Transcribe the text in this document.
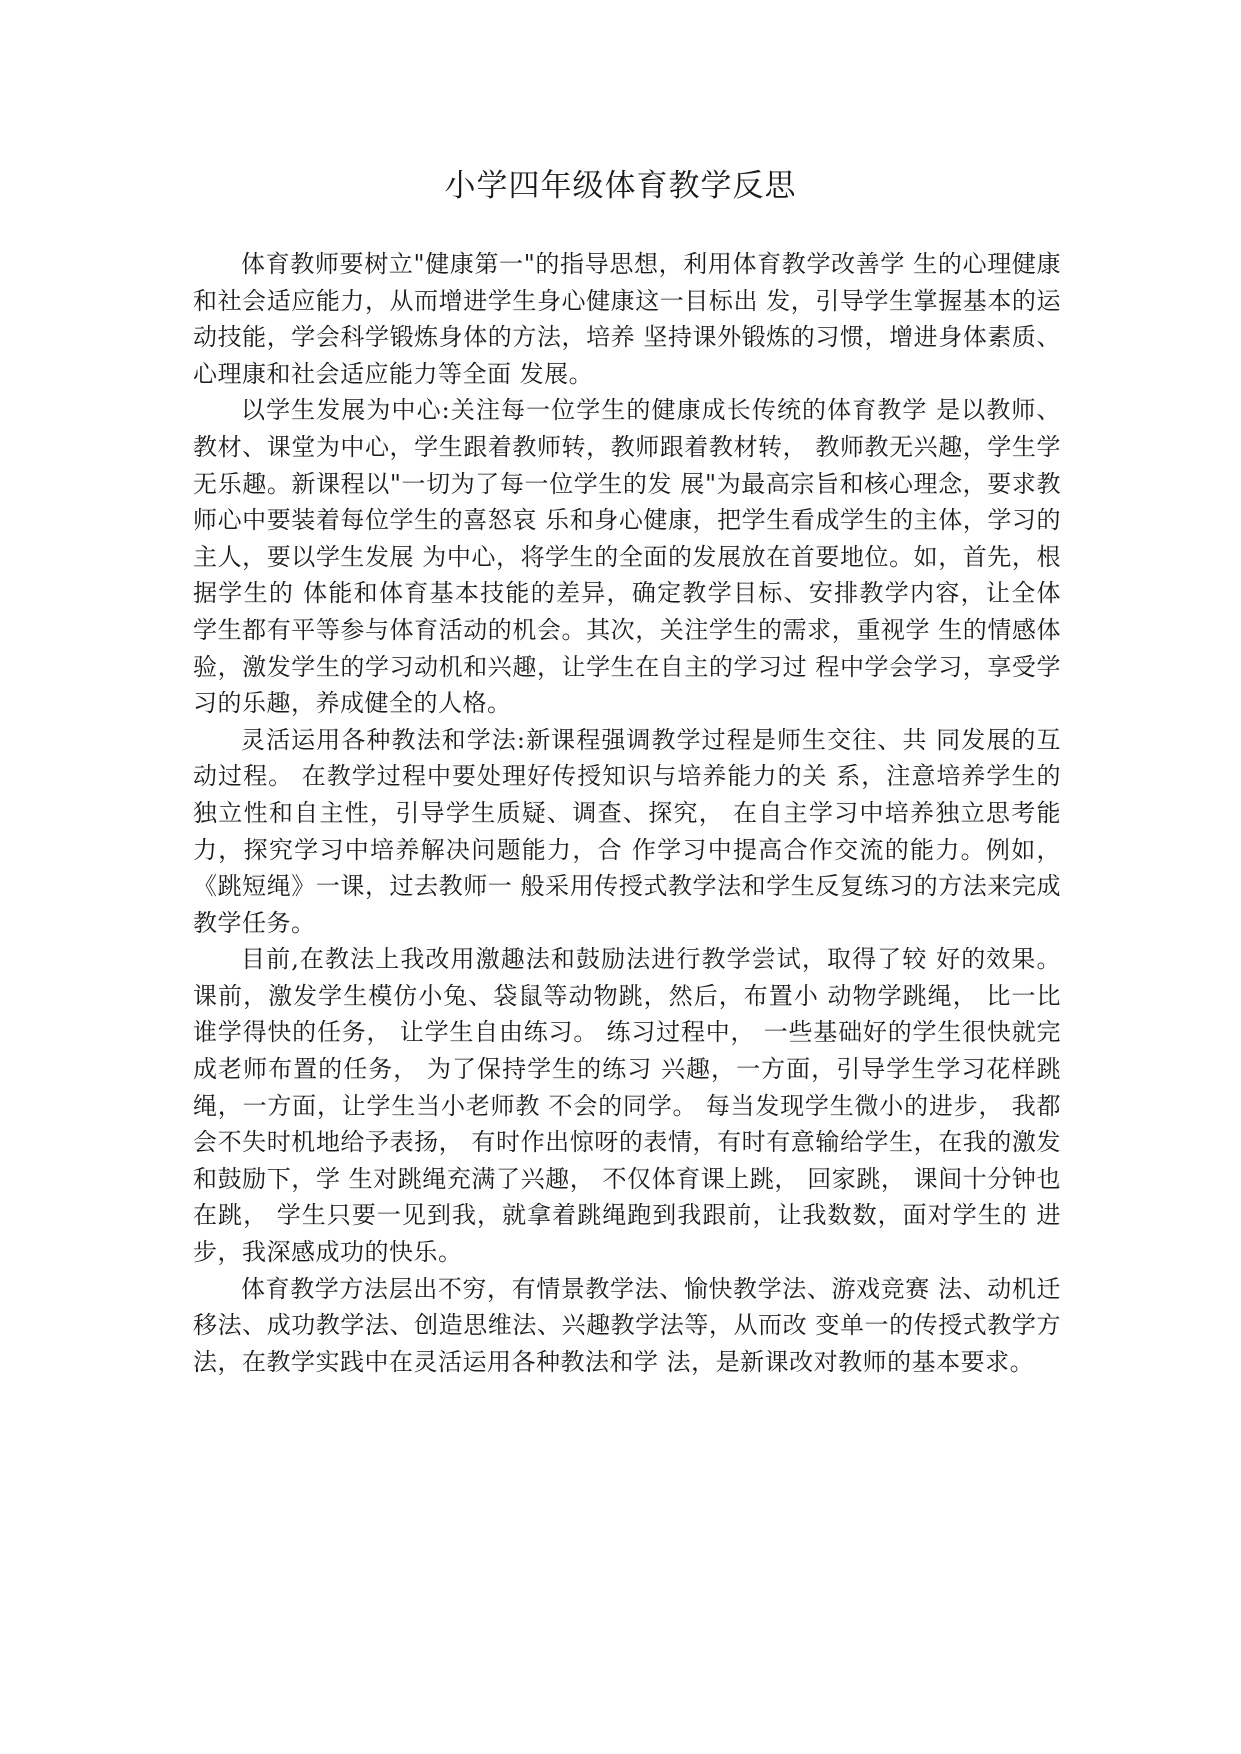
小学四年级体育教学反思

体育教师要树立"健康第一"的指导思想，利用体育教学改善学 生的心理健康和社会适应能力，从而增进学生身心健康这一目标出 发，引导学生掌握基本的运动技能，学会科学锻炼身体的方法，培养 坚持课外锻炼的习惯，增进身体素质、心理康和社会适应能力等全面 发展。

以学生发展为中心:关注每一位学生的健康成长传统的体育教学 是以教师、教材、课堂为中心，学生跟着教师转，教师跟着教材转， 教师教无兴趣，学生学无乐趣。新课程以"一切为了每一位学生的发 展"为最高宗旨和核心理念，要求教师心中要装着每位学生的喜怒哀 乐和身心健康，把学生看成学生的主体，学习的主人，要以学生发展 为中心，将学生的全面的发展放在首要地位。如，首先，根据学生的 体能和体育基本技能的差异，确定教学目标、安排教学内容，让全体 学生都有平等参与体育活动的机会。其次，关注学生的需求，重视学 生的情感体验，激发学生的学习动机和兴趣，让学生在自主的学习过 程中学会学习，享受学习的乐趣，养成健全的人格。

灵活运用各种教法和学法:新课程强调教学过程是师生交往、共 同发展的互动过程。 在教学过程中要处理好传授知识与培养能力的关 系，注意培养学生的独立性和自主性，引导学生质疑、调查、探究， 在自主学习中培养独立思考能力，探究学习中培养解决问题能力，合 作学习中提高合作交流的能力。例如，《跳短绳》一课，过去教师一 般采用传授式教学法和学生反复练习的方法来完成教学任务。

目前,在教法上我改用激趣法和鼓励法进行教学尝试，取得了较 好的效果。课前，激发学生模仿小兔、袋鼠等动物跳，然后，布置小 动物学跳绳， 比一比谁学得快的任务， 让学生自由练习。 练习过程中， 一些基础好的学生很快就完成老师布置的任务， 为了保持学生的练习 兴趣，一方面，引导学生学习花样跳绳，一方面，让学生当小老师教 不会的同学。 每当发现学生微小的进步， 我都会不失时机地给予表扬， 有时作出惊呀的表情，有时有意输给学生，在我的激发和鼓励下，学 生对跳绳充满了兴趣， 不仅体育课上跳， 回家跳， 课间十分钟也在跳， 学生只要一见到我，就拿着跳绳跑到我跟前，让我数数，面对学生的 进步，我深感成功的快乐。

体育教学方法层出不穷，有情景教学法、愉快教学法、游戏竞赛 法、动机迁移法、成功教学法、创造思维法、兴趣教学法等，从而改 变单一的传授式教学方法，在教学实践中在灵活运用各种教法和学 法，是新课改对教师的基本要求。
